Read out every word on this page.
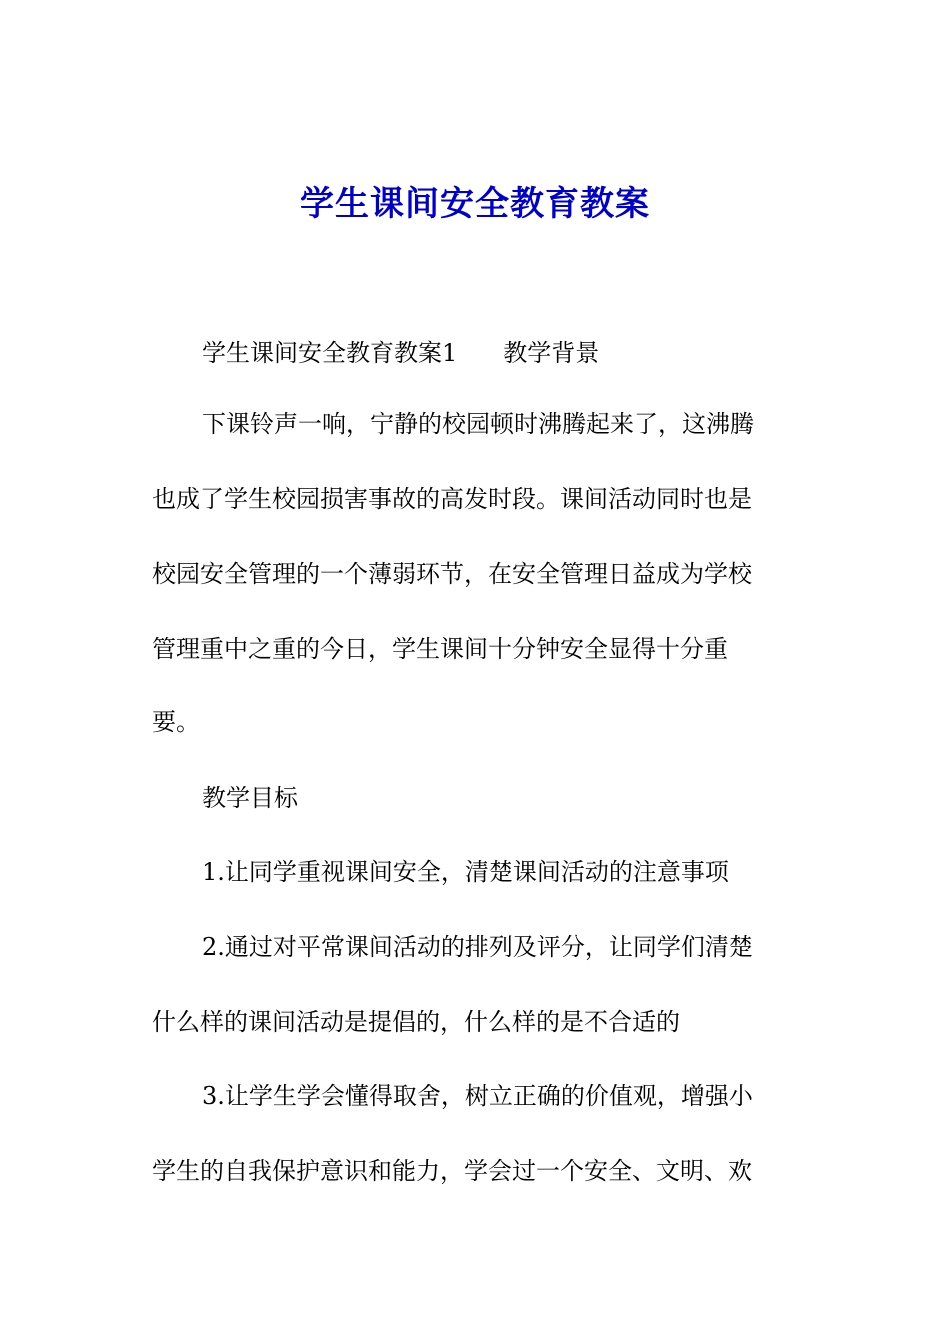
学生课间安全教育教案
学生课间安全教育教案1 教学背景
下课铃声一响，宁静的校园顿时沸腾起来了，这沸腾
也成了学生校园损害事故的高发时段。课间活动同时也是
校园安全管理的一个薄弱环节，在安全管理日益成为学校
管理重中之重的今日，学生课间十分钟安全显得十分重
要。
教学目标
1.让同学重视课间安全，清楚课间活动的注意事项
2.通过对平常课间活动的排列及评分，让同学们清楚
什么样的课间活动是提倡的，什么样的是不合适的
3.让学生学会懂得取舍，树立正确的价值观，增强小
学生的自我保护意识和能力，学会过一个安全、文明、欢
